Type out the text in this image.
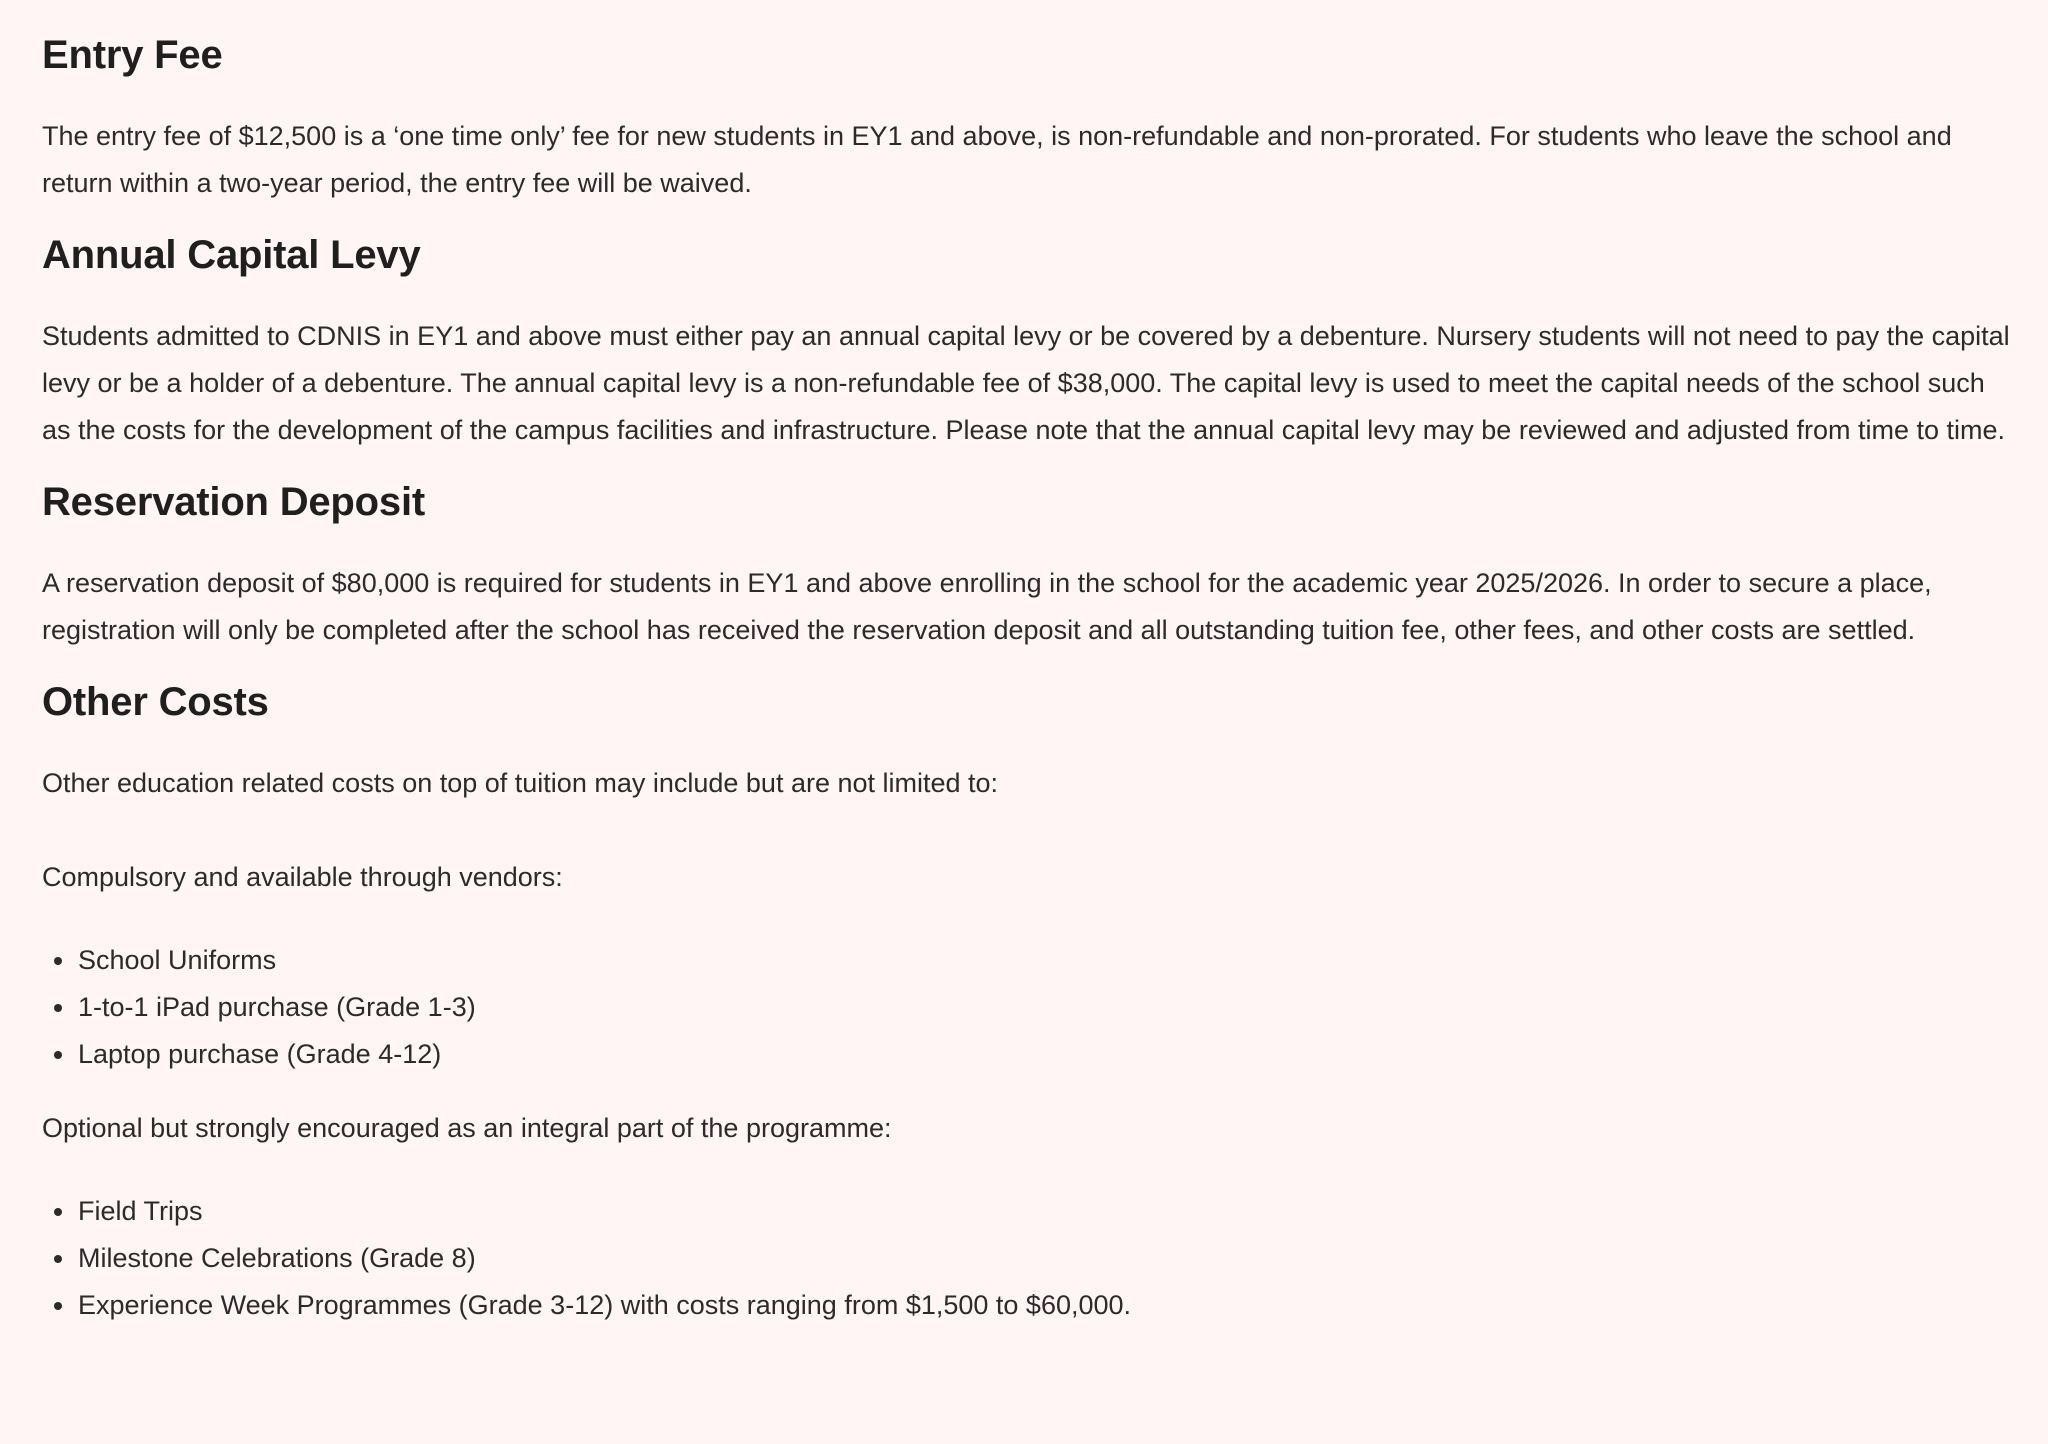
Entry Fee

The entry fee of $12,500 is a ‘one time only’ fee for new students in EY1 and above, is non-refundable and non-prorated. For students who leave the school and return within a two-year period, the entry fee will be waived.

Annual Capital Levy

Students admitted to CDNIS in EY1 and above must either pay an annual capital levy or be covered by a debenture. Nursery students will not need to pay the capital levy or be a holder of a debenture. The annual capital levy is a non-refundable fee of $38,000. The capital levy is used to meet the capital needs of the school such as the costs for the development of the campus facilities and infrastructure. Please note that the annual capital levy may be reviewed and adjusted from time to time.

Reservation Deposit

A reservation deposit of $80,000 is required for students in EY1 and above enrolling in the school for the academic year 2025/2026. In order to secure a place, registration will only be completed after the school has received the reservation deposit and all outstanding tuition fee, other fees, and other costs are settled.

Other Costs

Other education related costs on top of tuition may include but are not limited to:

Compulsory and available through vendors:

School Uniforms
1-to-1 iPad purchase (Grade 1-3)
Laptop purchase (Grade 4-12)

Optional but strongly encouraged as an integral part of the programme:

Field Trips
Milestone Celebrations (Grade 8)
Experience Week Programmes (Grade 3-12) with costs ranging from $1,500 to $60,000.
